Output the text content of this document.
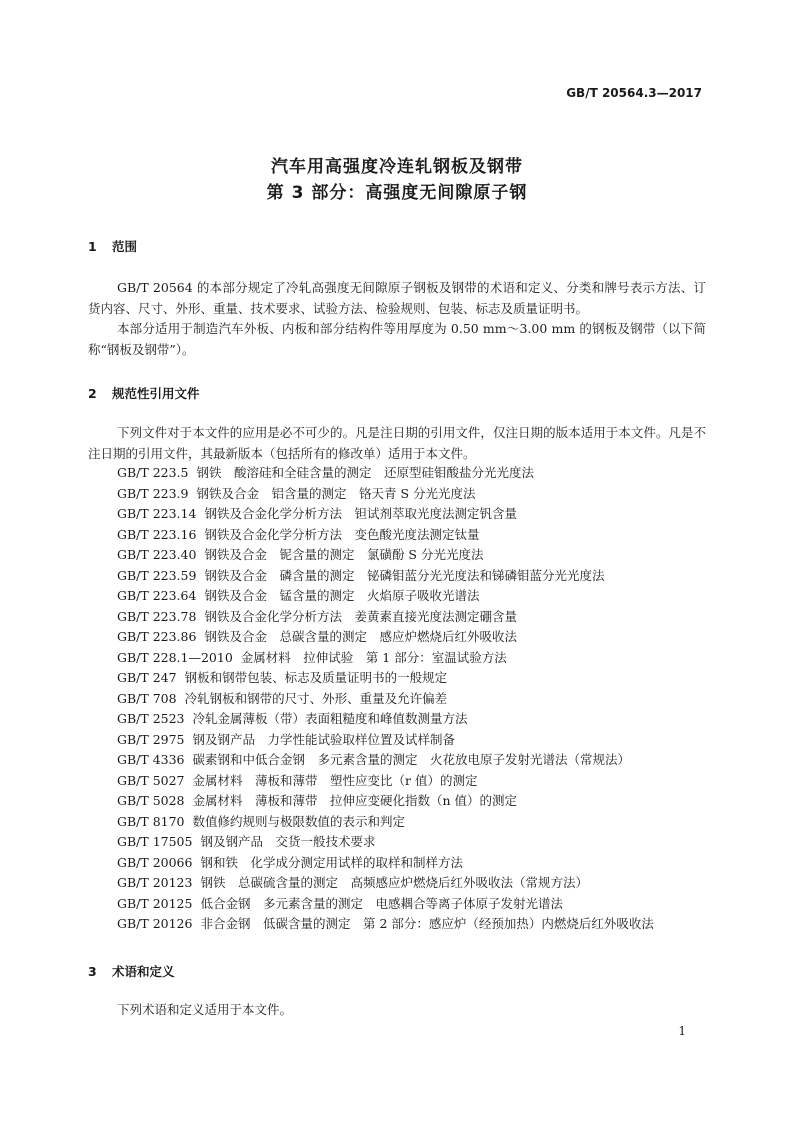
GB/T 20564.3—2017
汽车用高强度冷连轧钢板及钢带
第 3 部分：高强度无间隙原子钢
1 范围
GB/T 20564 的本部分规定了冷轧高强度无间隙原子钢板及钢带的术语和定义、分类和牌号表示方法、订货内容、尺寸、外形、重量、技术要求、试验方法、检验规则、包装、标志及质量证明书。
本部分适用于制造汽车外板、内板和部分结构件等用厚度为 0.50 mm～3.00 mm 的钢板及钢带（以下简称“钢板及钢带”）。
2 规范性引用文件
下列文件对于本文件的应用是必不可少的。凡是注日期的引用文件，仅注日期的版本适用于本文件。凡是不注日期的引用文件，其最新版本（包括所有的修改单）适用于本文件。
GB/T 223.5 钢铁　酸溶硅和全硅含量的测定　还原型硅钼酸盐分光光度法
GB/T 223.9 钢铁及合金　铝含量的测定　铬天青 S 分光光度法
GB/T 223.14 钢铁及合金化学分析方法　钽试剂萃取光度法测定钒含量
GB/T 223.16 钢铁及合金化学分析方法　变色酸光度法测定钛量
GB/T 223.40 钢铁及合金　铌含量的测定　氯磺酚 S 分光光度法
GB/T 223.59 钢铁及合金　磷含量的测定　铋磷钼蓝分光光度法和锑磷钼蓝分光光度法
GB/T 223.64 钢铁及合金　锰含量的测定　火焰原子吸收光谱法
GB/T 223.78 钢铁及合金化学分析方法　姜黄素直接光度法测定硼含量
GB/T 223.86 钢铁及合金　总碳含量的测定　感应炉燃烧后红外吸收法
GB/T 228.1—2010 金属材料　拉伸试验　第 1 部分：室温试验方法
GB/T 247 钢板和钢带包装、标志及质量证明书的一般规定
GB/T 708 冷轧钢板和钢带的尺寸、外形、重量及允许偏差
GB/T 2523 冷轧金属薄板（带）表面粗糙度和峰值数测量方法
GB/T 2975 钢及钢产品　力学性能试验取样位置及试样制备
GB/T 4336 碳素钢和中低合金钢　多元素含量的测定　火花放电原子发射光谱法（常规法）
GB/T 5027 金属材料　薄板和薄带　塑性应变比（r 值）的测定
GB/T 5028 金属材料　薄板和薄带　拉伸应变硬化指数（n 值）的测定
GB/T 8170 数值修约规则与极限数值的表示和判定
GB/T 17505 钢及钢产品　交货一般技术要求
GB/T 20066 钢和铁　化学成分测定用试样的取样和制样方法
GB/T 20123 钢铁　总碳硫含量的测定　高频感应炉燃烧后红外吸收法（常规方法）
GB/T 20125 低合金钢　多元素含量的测定　电感耦合等离子体原子发射光谱法
GB/T 20126 非合金钢　低碳含量的测定　第 2 部分：感应炉（经预加热）内燃烧后红外吸收法
3 术语和定义
下列术语和定义适用于本文件。
1
